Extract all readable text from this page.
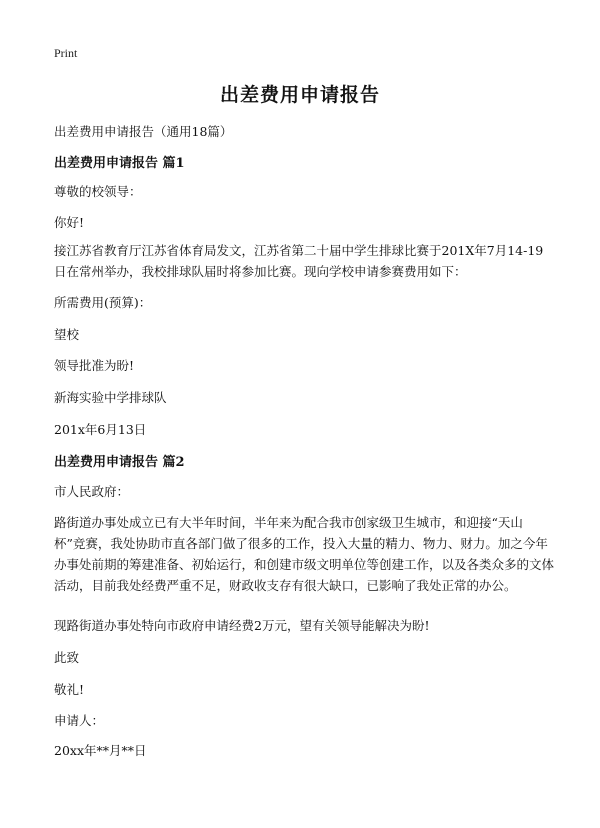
Print
出差费用申请报告
出差费用申请报告（通用18篇）
出差费用申请报告 篇1
尊敬的校领导：
你好!
接江苏省教育厅江苏省体育局发文，江苏省第二十届中学生排球比赛于201X年7月14-19日在常州举办，我校排球队届时将参加比赛。现向学校申请参赛费用如下：
所需费用(预算)：
望校
领导批准为盼!
新海实验中学排球队
201x年6月13日
出差费用申请报告 篇2
市人民政府：
路街道办事处成立已有大半年时间，半年来为配合我市创家级卫生城市，和迎接“天山杯”竞赛，我处协助市直各部门做了很多的工作，投入大量的精力、物力、财力。加之今年办事处前期的筹建准备、初始运行，和创建市级文明单位等创建工作，以及各类众多的文体活动，目前我处经费严重不足，财政收支存有很大缺口，已影响了我处正常的办公。
现路街道办事处特向市政府申请经费2万元，望有关领导能解决为盼!
此致
敬礼!
申请人：
20xx年**月**日
